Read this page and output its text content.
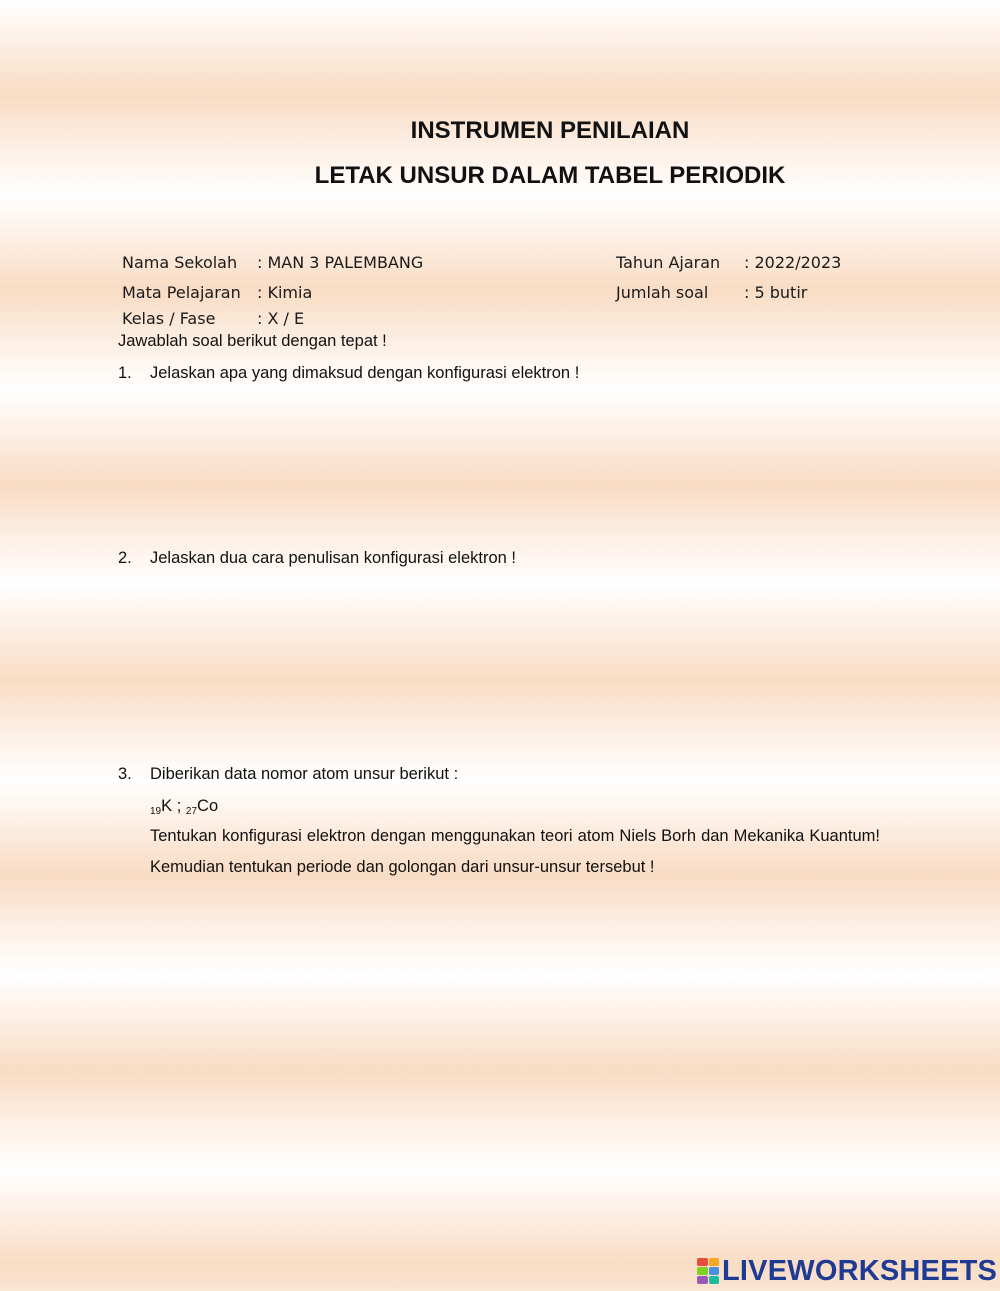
INSTRUMEN PENILAIAN
LETAK UNSUR DALAM TABEL PERIODIK
Nama Sekolah : MAN 3 PALEMBANG	Tahun Ajaran : 2022/2023
Mata Pelajaran : Kimia	Jumlah soal : 5 butir
Kelas / Fase	: X / E
Jawablah soal berikut dengan tepat !
1. Jelaskan apa yang dimaksud dengan konfigurasi elektron !
2. Jelaskan dua cara penulisan konfigurasi elektron !
3. Diberikan data nomor atom unsur berikut :
$_{19}$K ; $_{27}$Co
Tentukan konfigurasi elektron dengan menggunakan teori atom Niels Borh dan Mekanika Kuantum! Kemudian tentukan periode dan golongan dari unsur-unsur tersebut !
LIVEWORKSHEETS
